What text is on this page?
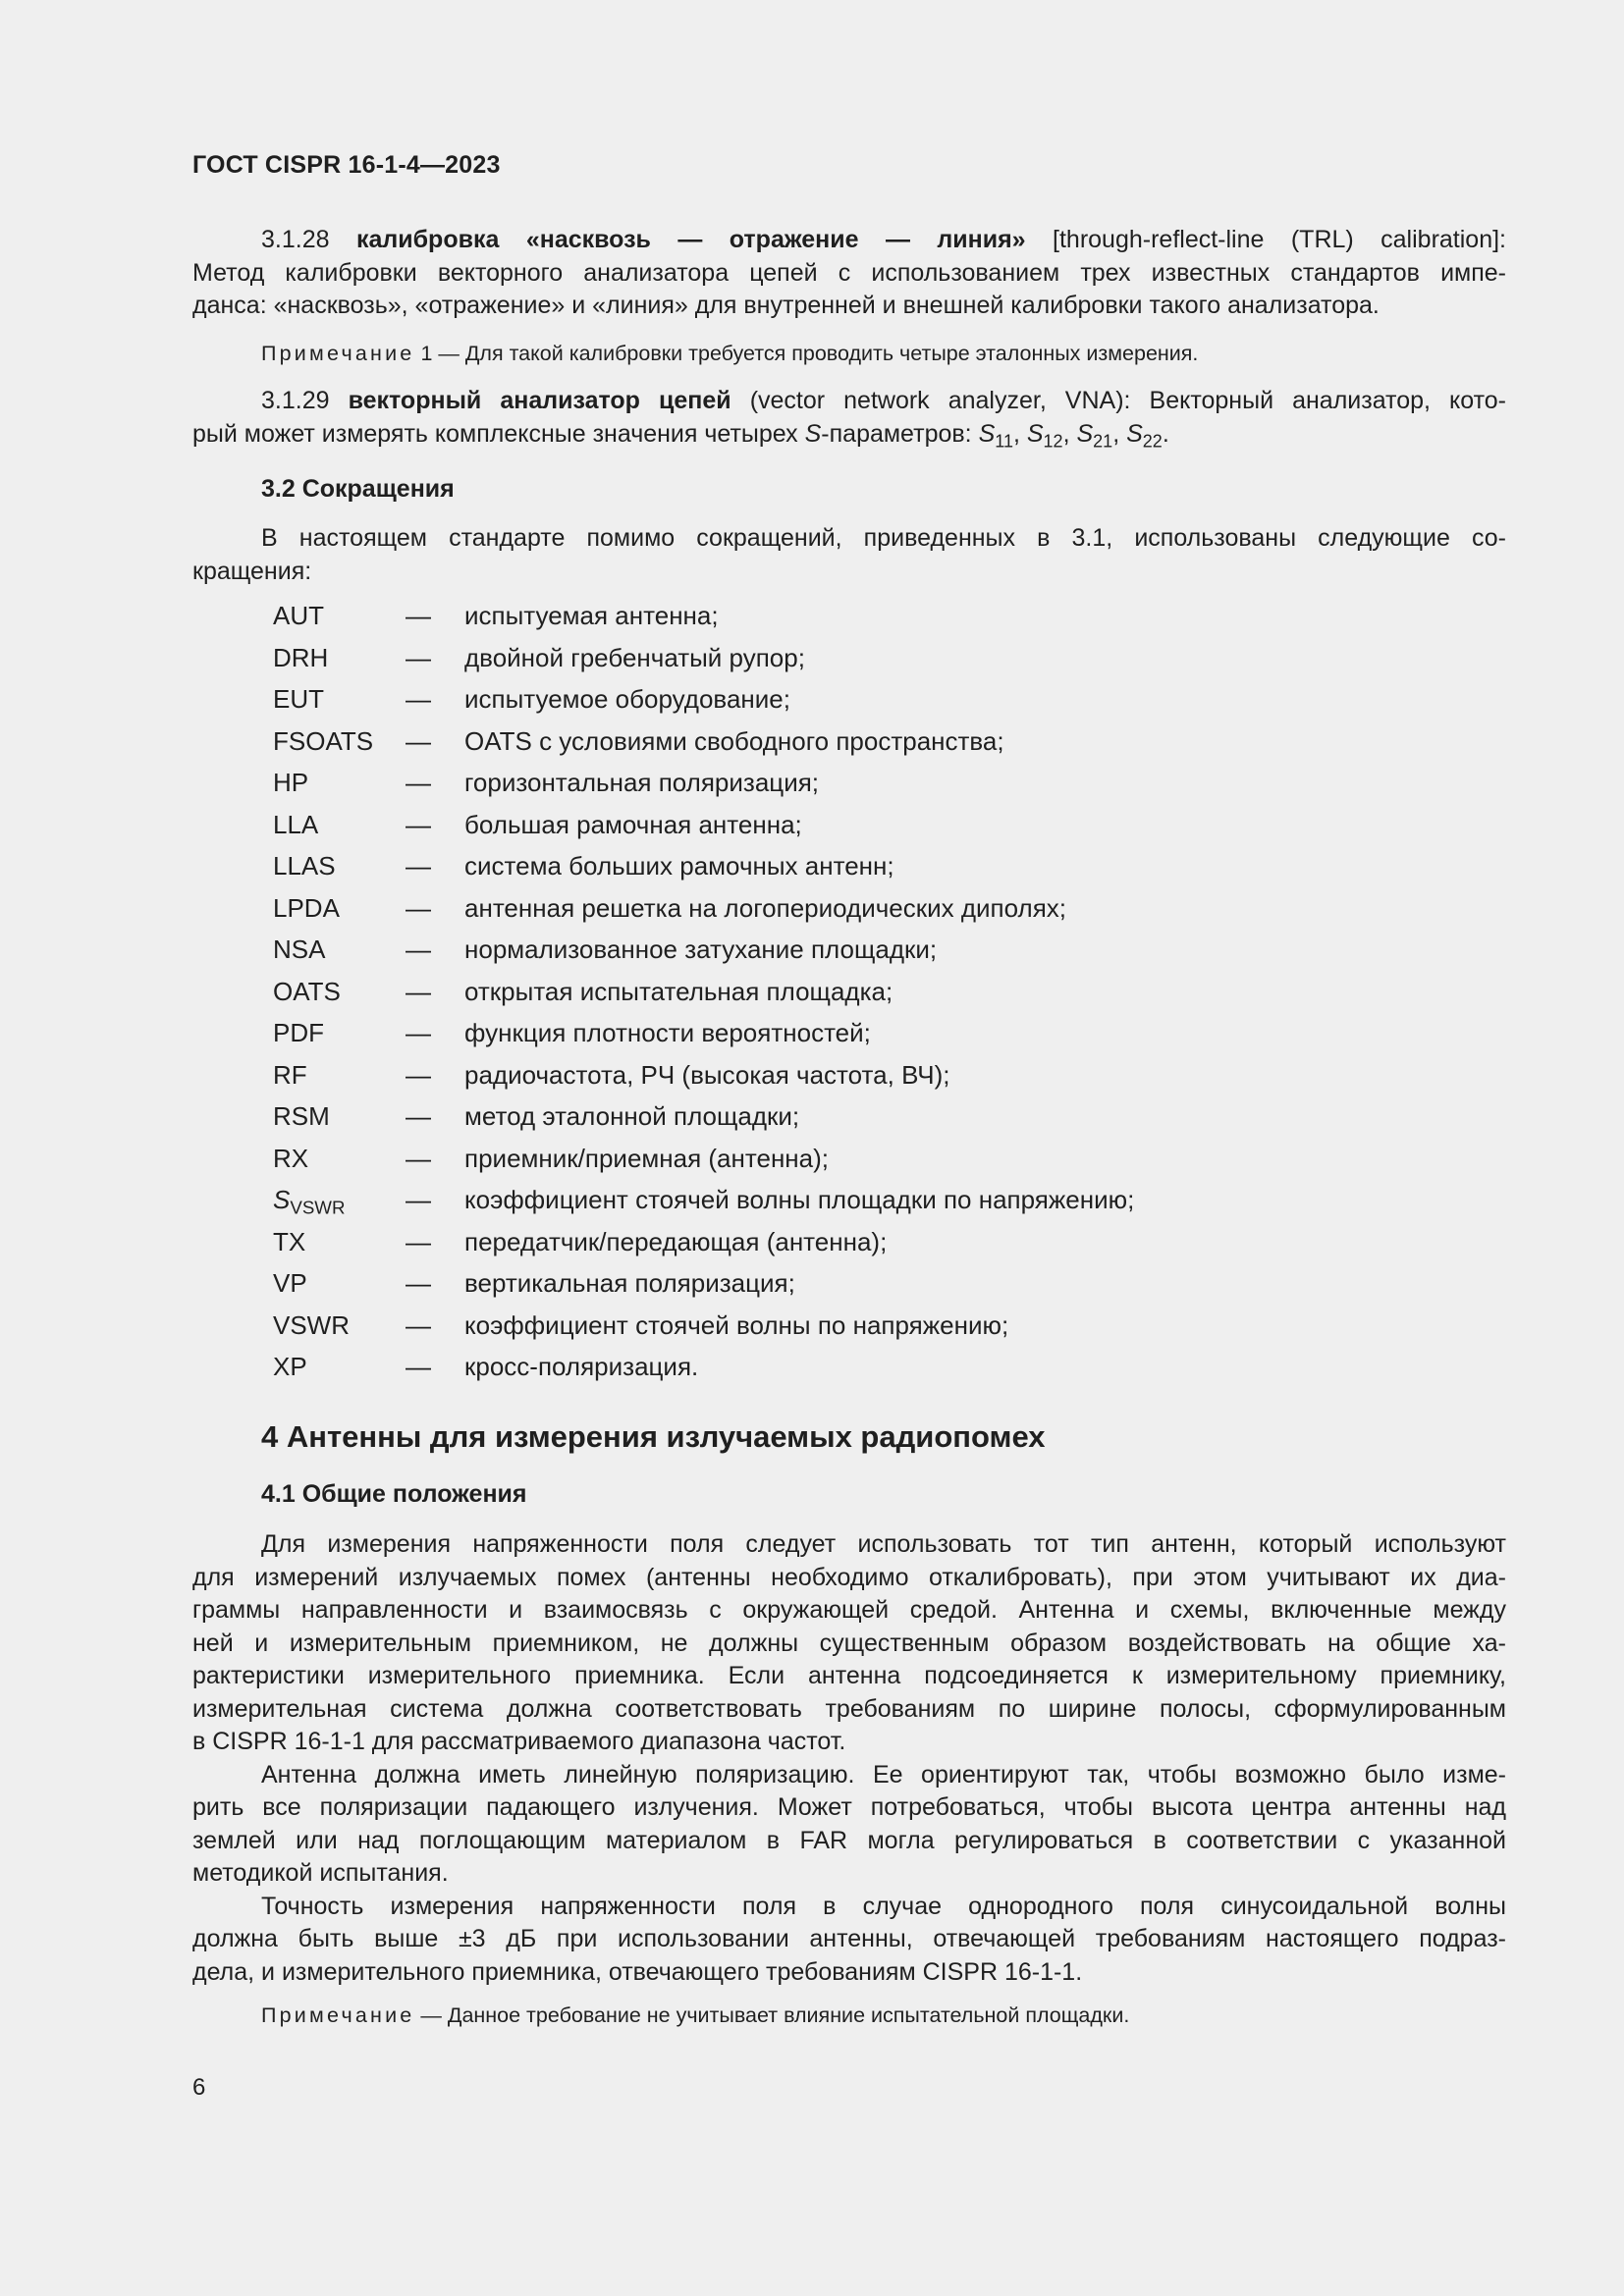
ГОСТ CISPR 16-1-4—2023

3.1.28 калибровка «насквозь — отражение — линия» [through-reflect-line (TRL) calibration]:

Метод калибровки векторного анализатора цепей с использованием трех известных стандартов импе-

данса: «насквозь», «отражение» и «линия» для внутренней и внешней калибровки такого анализатора.

Примечание 1 — Для такой калибровки требуется проводить четыре эталонных измерения.

3.1.29 векторный анализатор цепей (vector network analyzer, VNA): Векторный анализатор, кото-

рый может измерять комплексные значения четырех S-параметров: $S_{11}$, $S_{12}$, $S_{21}$, $S_{22}$.

3.2 Сокращения

В настоящем стандарте помимо сокращений, приведенных в 3.1, использованы следующие со-

кращения:

AUT	— испытуемая антенна;
DRH	— двойной гребенчатый рупор;
EUT	— испытуемое оборудование;
FSOATS — OATS с условиями свободного пространства;
HP	— горизонтальная поляризация;
LLA	— большая рамочная антенна;
LLAS	— система больших рамочных антенн;
LPDA	— антенная решетка на логопериодических диполях;
NSA	— нормализованное затухание площадки;
OATS	— открытая испытательная площадка;
PDF	— функция плотности вероятностей;
RF	— радиочастота, РЧ (высокая частота, ВЧ);
RSM	— метод эталонной площадки;
RX	— приемник/приемная (антенна);
$S_{VSWR}$ — коэффициент стоячей волны площадки по напряжению;
TX	— передатчик/передающая (антенна);
VP	— вертикальная поляризация;
VSWR — коэффициент стоячей волны по напряжению;
XP	— кросс-поляризация.

4 Антенны для измерения излучаемых радиопомех

4.1 Общие положения

Для измерения напряженности поля следует использовать тот тип антенн, который используют

для измерений излучаемых помех (антенны необходимо откалибровать), при этом учитывают их диа-

граммы направленности и взаимосвязь с окружающей средой. Антенна и схемы, включенные между

ней и измерительным приемником, не должны существенным образом воздействовать на общие ха-

рактеристики измерительного приемника. Если антенна подсоединяется к измерительному приемнику,

измерительная система должна соответствовать требованиям по ширине полосы, сформулированным

в CISPR 16-1-1 для рассматриваемого диапазона частот.

Антенна должна иметь линейную поляризацию. Ее ориентируют так, чтобы возможно было изме-

рить все поляризации падающего излучения. Может потребоваться, чтобы высота центра антенны над

землей или над поглощающим материалом в FAR могла регулироваться в соответствии с указанной

методикой испытания.

Точность измерения напряженности поля в случае однородного поля синусоидальной волны

должна быть выше ±3 дБ при использовании антенны, отвечающей требованиям настоящего подраз-

дела, и измерительного приемника, отвечающего требованиям CISPR 16-1-1.

Примечание — Данное требование не учитывает влияние испытательной площадки.

6
